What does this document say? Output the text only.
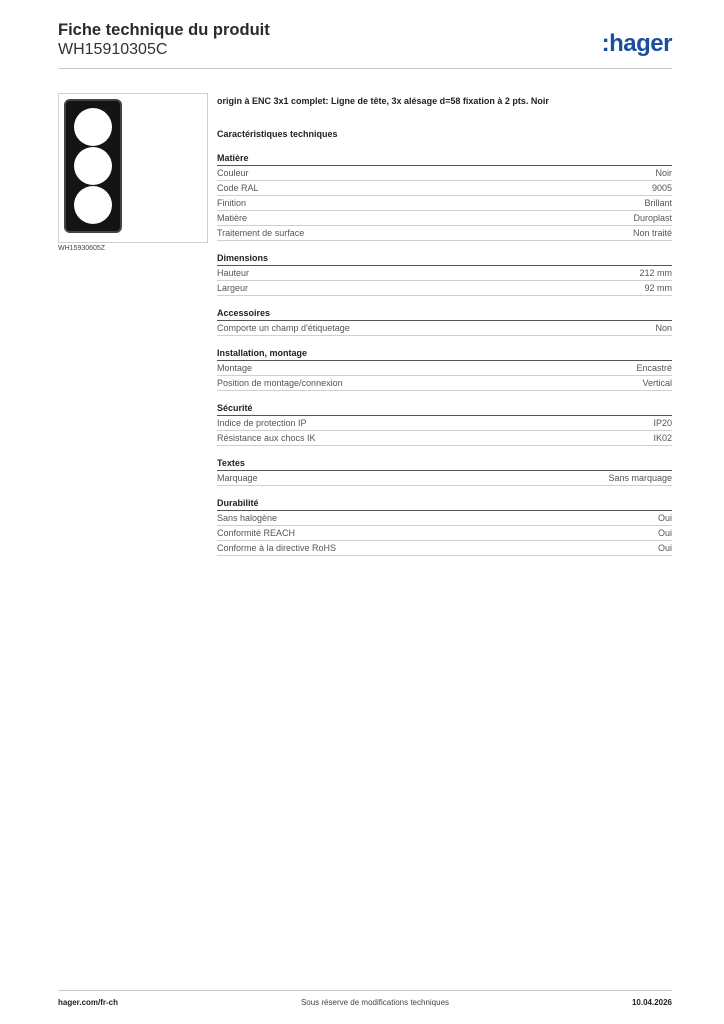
Fiche technique du produit
WH15910305C	:hager
WH15930605Z
origin à ENC 3x1 complet: Ligne de tête, 3x alésage d=58 fixation à 2 pts. Noir
Caractéristiques techniques
Matière
Couleur	Noir
Code RAL	9005
Finition	Brillant
Matière	Duroplast
Traitement de surface	Non traité
Dimensions
Hauteur	212 mm
Largeur	92 mm
Accessoires
Comporte un champ d'étiquetage	Non
Installation, montage
Montage	Encastré
Position de montage/connexion	Vertical
Sécurité
Indice de protection IP	IP20
Résistance aux chocs IK	IK02
Textes
Marquage	Sans marquage
Durabilité
Sans halogène	Oui
Conformité REACH	Oui
Conforme à la directive RoHS	Oui
hager.com/fr-ch	Sous réserve de modifications techniques	10.04.2026
